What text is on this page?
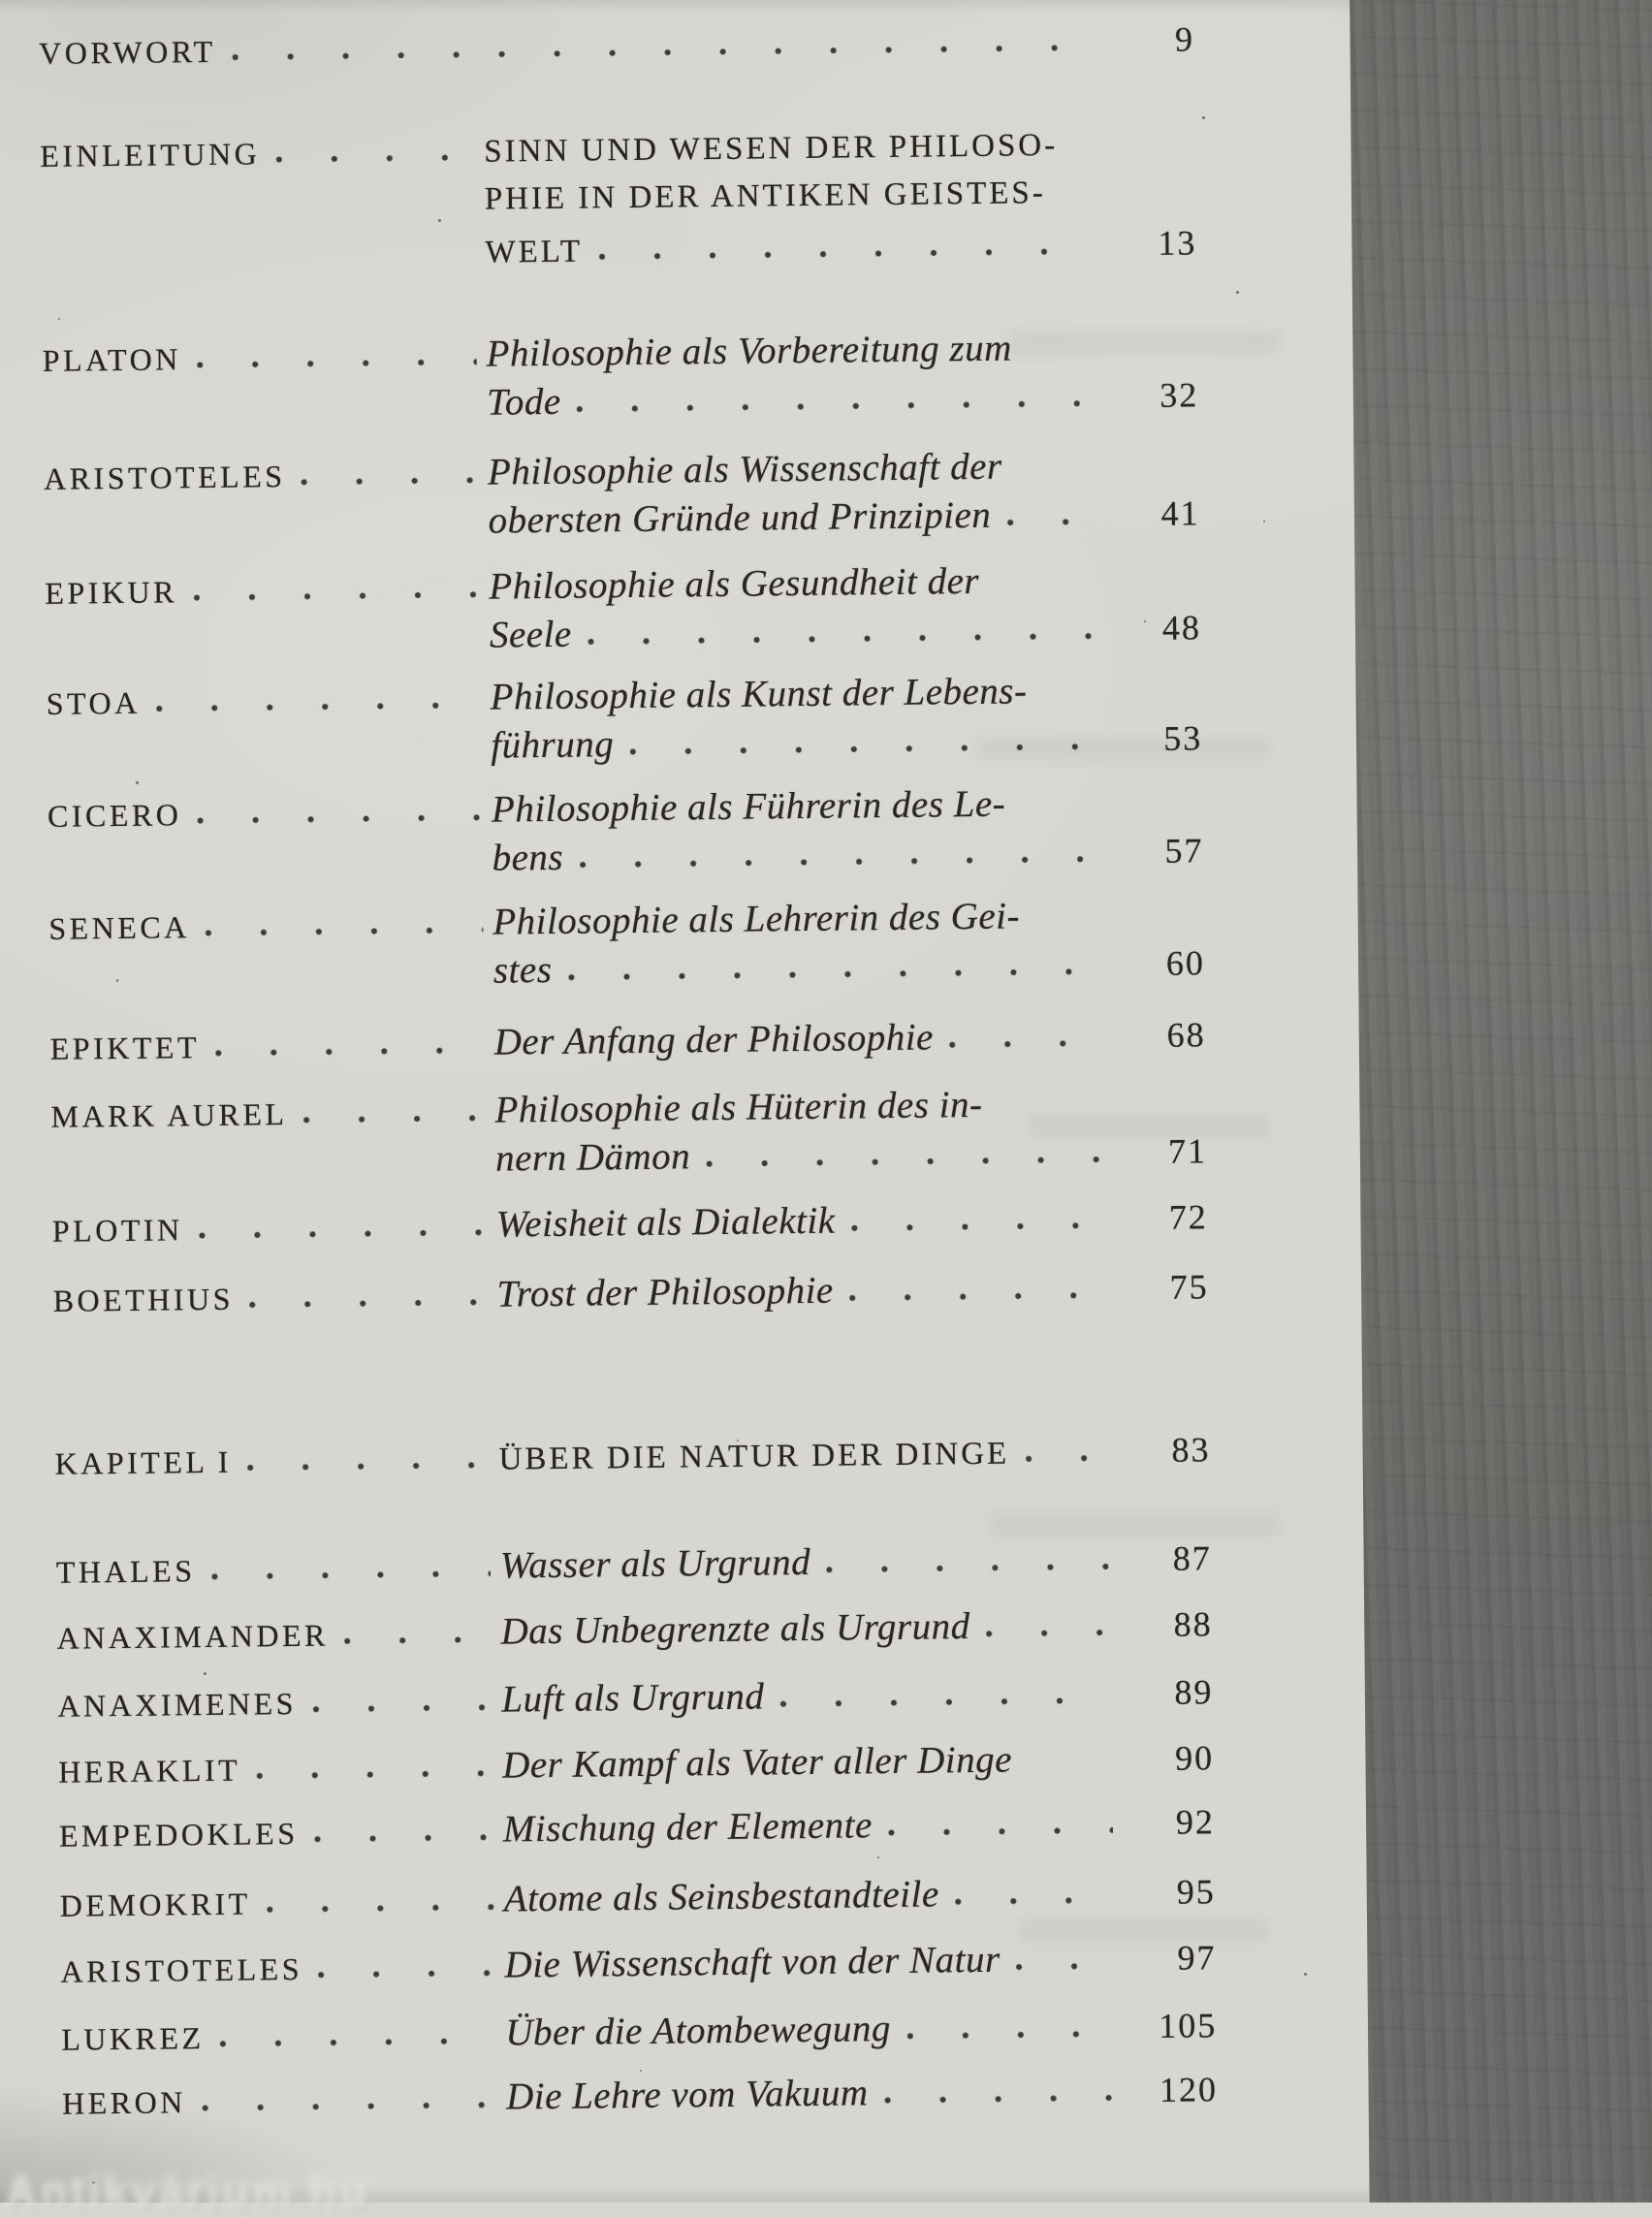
VORWORT	9
EINLEITUNG	SINN UND WESEN DER PHILOSO-
PHIE IN DER ANTIKEN GEISTES-
WELT	13
PLATON	Philosophie als Vorbereitung zum
Tode	32
ARISTOTELES	Philosophie als Wissenschaft der
obersten Gründe und Prinzipien	41
EPIKUR	Philosophie als Gesundheit der
Seele	48
STOA	Philosophie als Kunst der Lebens-
führung	53
CICERO	Philosophie als Führerin des Le-
bens	57
SENECA	Philosophie als Lehrerin des Gei-
stes	60
EPIKTET	Der Anfang der Philosophie	68
MARK AUREL	Philosophie als Hüterin des in-
nern Dämon	71
PLOTIN	Weisheit als Dialektik	72
BOETHIUS	Trost der Philosophie	75
KAPITEL I	ÜBER DIE NATUR DER DINGE	83
THALES	Wasser als Urgrund	87
ANAXIMANDER	Das Unbegrenzte als Urgrund	88
ANAXIMENES	Luft als Urgrund	89
HERAKLIT	Der Kampf als Vater aller Dinge	90
EMPEDOKLES	Mischung der Elemente	92
DEMOKRIT	Atome als Seinsbestandteile	95
ARISTOTELES	Die Wissenschaft von der Natur	97
LUKREZ	Über die Atombewegung	105
HERON	Die Lehre vom Vakuum	120
Antikvárium.hu
